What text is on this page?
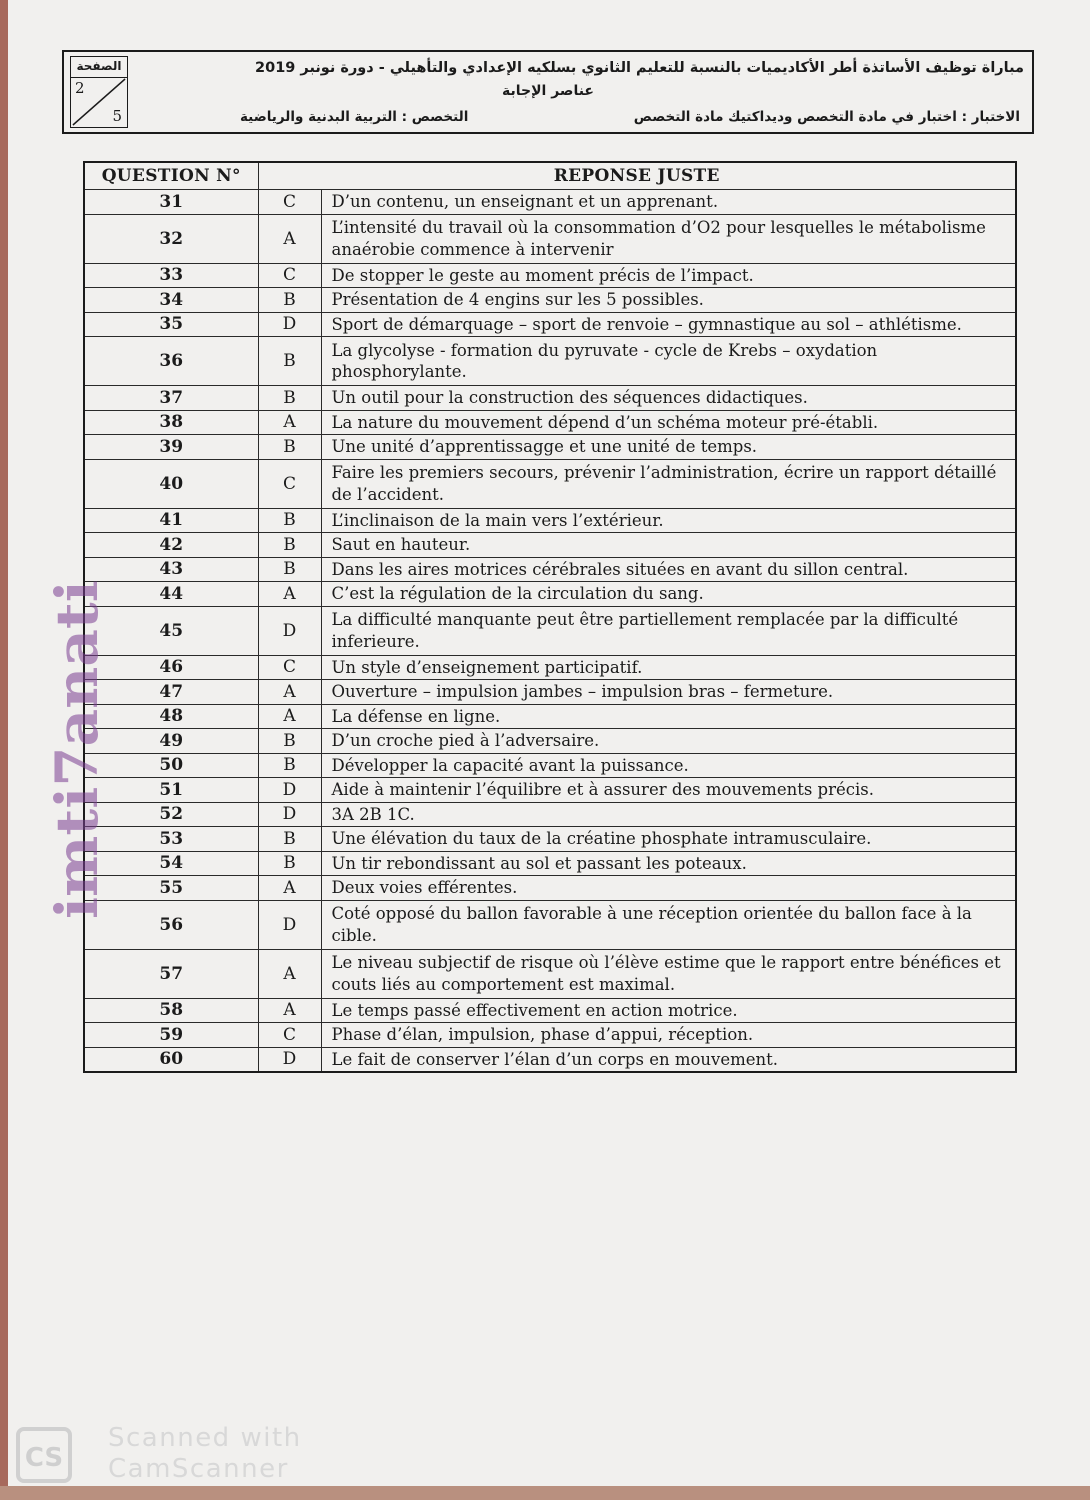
الصفحة
2
5
مباراة توظيف الأساتذة أطر الأكاديميات بالنسبة للتعليم الثانوي بسلكيه الإعدادي والتأهيلي - دورة نونبر 2019
عناصر الإجابة
الاختبار : اختبار في مادة التخصص وديداكتيك مادة التخصص
التخصص : التربية البدنية والرياضية
QUESTION N°	REPONSE JUSTE	
31	C	D’un contenu, un enseignant et un apprenant.
32	A	L’intensité du travail où la consommation d’O2 pour lesquelles le métabolisme anaérobie commence à intervenir
33	C	De stopper le geste au moment précis de l’impact.
34	B	Présentation de 4 engins sur les 5 possibles.
35	D	Sport de démarquage – sport de renvoie – gymnastique au sol – athlétisme.
36	B	La glycolyse - formation du pyruvate - cycle de Krebs – oxydation phosphorylante.
37	B	Un outil pour la construction des séquences didactiques.
38	A	La nature du mouvement dépend d’un schéma moteur pré-établi.
39	B	Une unité d’apprentissagge et une unité de temps.
40	C	Faire les premiers secours, prévenir l’administration, écrire un rapport détaillé de l’accident.
41	B	L’inclinaison de la main vers l’extérieur.
42	B	Saut en hauteur.
43	B	Dans les aires motrices cérébrales situées en avant du sillon central.
44	A	C’est la régulation de la circulation du sang.
45	D	La difficulté manquante peut être partiellement remplacée par la difficulté inferieure.
46	C	Un style d’enseignement participatif.
47	A	Ouverture – impulsion jambes – impulsion bras – fermeture.
48	A	La défense en ligne.
49	B	D’un croche pied à l’adversaire.
50	B	Développer la capacité avant la puissance.
51	D	Aide à maintenir l’équilibre et à assurer des mouvements précis.
52	D	3A 2B 1C.
53	B	Une élévation du taux de la créatine phosphate intramusculaire.
54	B	Un tir rebondissant au sol et passant les poteaux.
55	A	Deux voies efférentes.
56	D	Coté opposé du ballon favorable à une réception orientée du ballon face à la cible.
57	A	Le niveau subjectif de risque où l’élève estime que le rapport entre bénéfices et couts liés au comportement est maximal.
58	A	Le temps passé effectivement en action motrice.
59	C	Phase d’élan, impulsion, phase d’appui, réception.
60	D	Le fait de conserver l’élan d’un corps en mouvement.
imti7anati
CS
Scanned with
CamScanner
